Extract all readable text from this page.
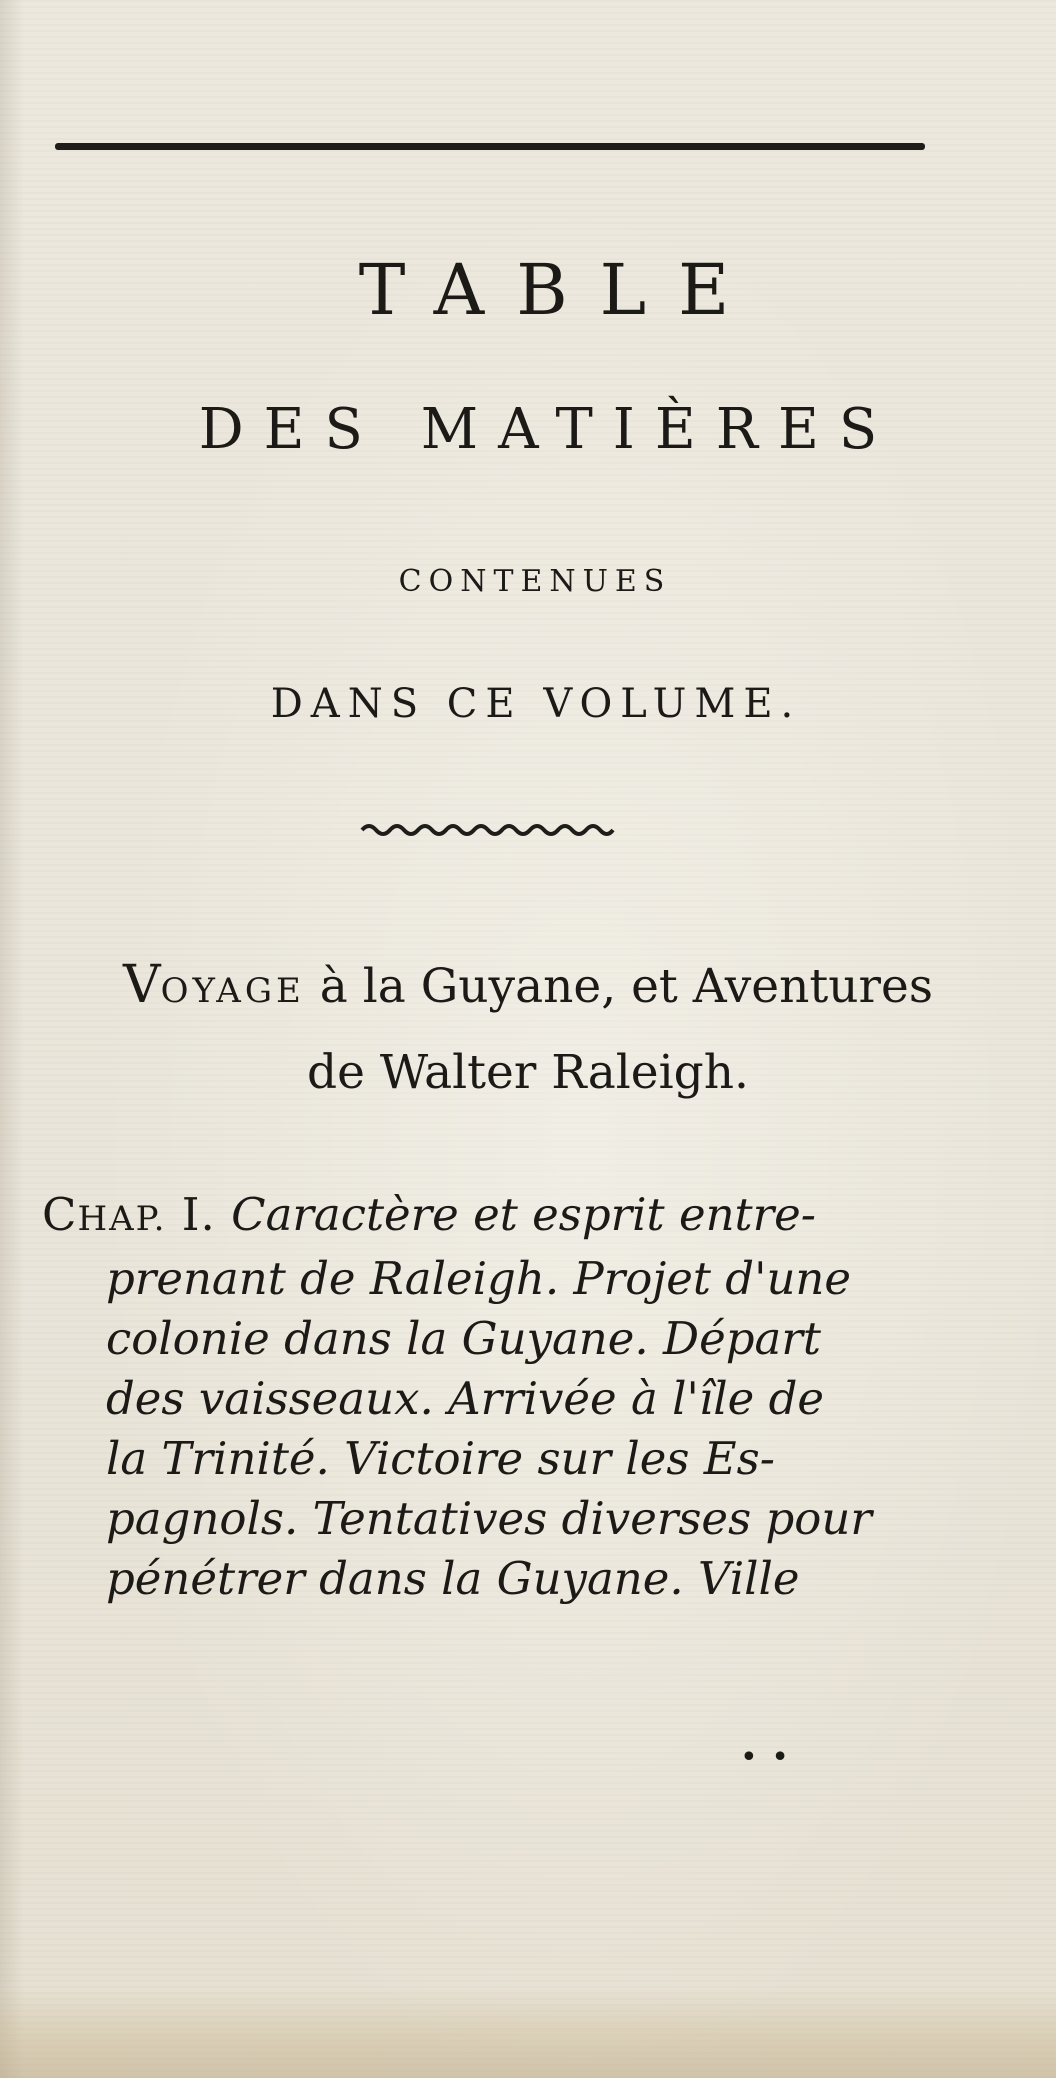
TABLE
DES MATIÈRES
CONTENUES
DANS CE VOLUME.
VOYAGE à la Guyane, et Aventures
de Walter Raleigh.
CHAP. I. Caractère et esprit entre-
prenant de Raleigh. Projet d'une
colonie dans la Guyane. Départ
des vaisseaux. Arrivée à l'île de
la Trinité. Victoire sur les Es-
pagnols. Tentatives diverses pour
pénétrer dans la Guyane. Ville
• •
